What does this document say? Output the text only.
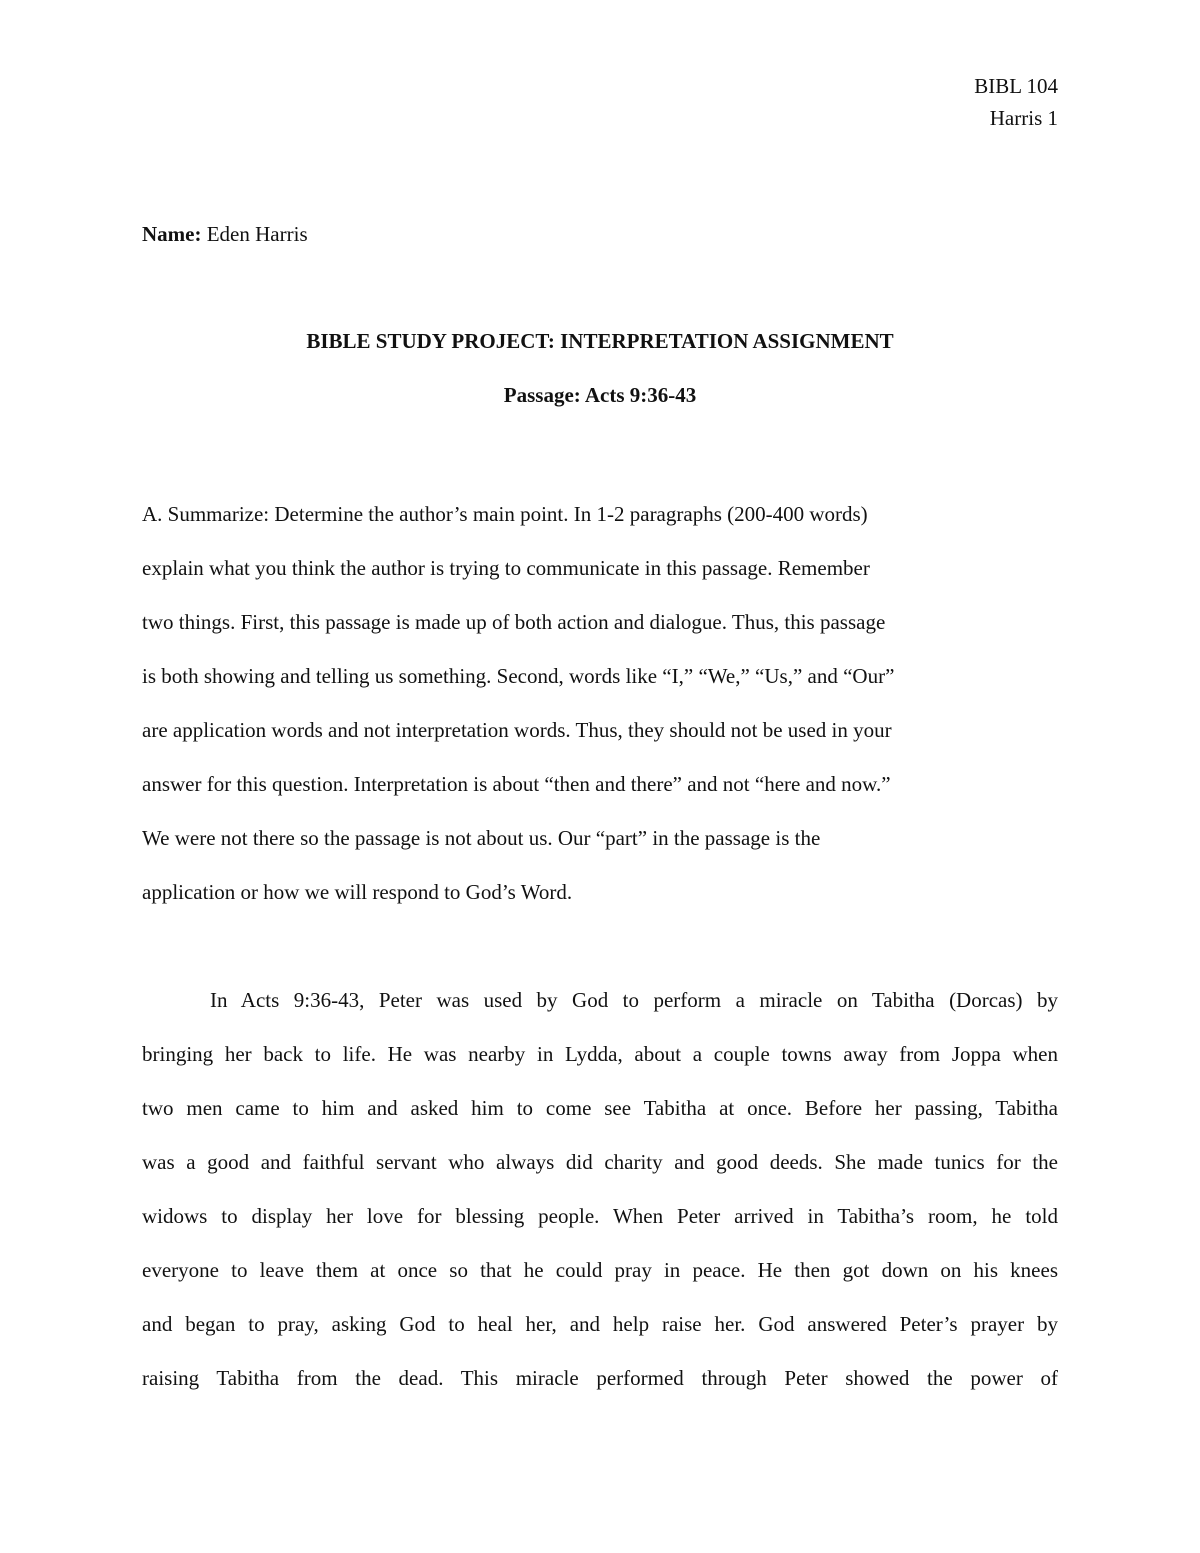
BIBL 104
Harris 1
Name: Eden Harris
BIBLE STUDY PROJECT: INTERPRETATION ASSIGNMENT
Passage: Acts 9:36-43
A. Summarize: Determine the author’s main point. In 1-2 paragraphs (200-400 words)
explain what you think the author is trying to communicate in this passage. Remember
two things. First, this passage is made up of both action and dialogue. Thus, this passage
is both showing and telling us something. Second, words like “I,” “We,” “Us,” and “Our”
are application words and not interpretation words. Thus, they should not be used in your
answer for this question. Interpretation is about “then and there” and not “here and now.”
We were not there so the passage is not about us. Our “part” in the passage is the
application or how we will respond to God’s Word.
In Acts 9:36-43, Peter was used by God to perform a miracle on Tabitha (Dorcas) by
bringing her back to life. He was nearby in Lydda, about a couple towns away from Joppa when
two men came to him and asked him to come see Tabitha at once. Before her passing, Tabitha
was a good and faithful servant who always did charity and good deeds. She made tunics for the
widows to display her love for blessing people. When Peter arrived in Tabitha’s room, he told
everyone to leave them at once so that he could pray in peace. He then got down on his knees
and began to pray, asking God to heal her, and help raise her. God answered Peter’s prayer by
raising Tabitha from the dead. This miracle performed through Peter showed the power of
